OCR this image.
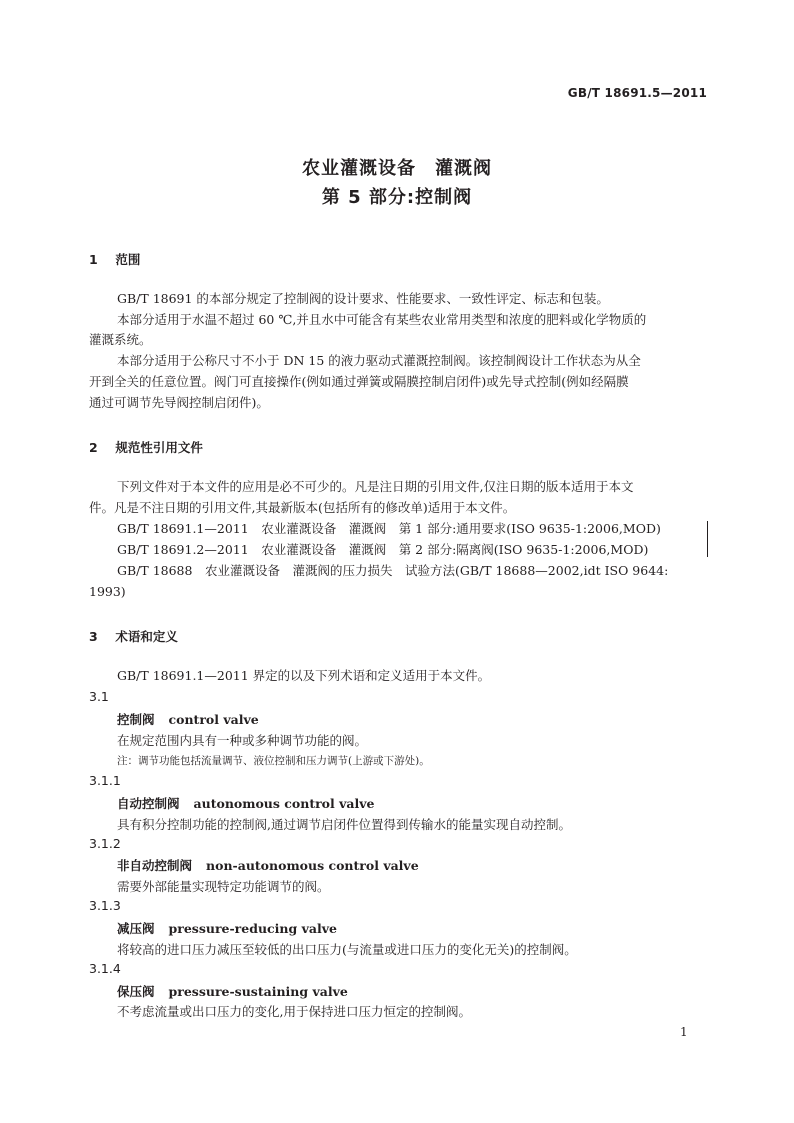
GB/T 18691.5—2011
农业灌溉设备　灌溉阀
第 5 部分:控制阀
1 范围
GB/T 18691 的本部分规定了控制阀的设计要求、性能要求、一致性评定、标志和包装。
本部分适用于水温不超过 60 ℃,并且水中可能含有某些农业常用类型和浓度的肥料或化学物质的
灌溉系统。
本部分适用于公称尺寸不小于 DN 15 的液力驱动式灌溉控制阀。该控制阀设计工作状态为从全
开到全关的任意位置。阀门可直接操作(例如通过弹簧或隔膜控制启闭件)或先导式控制(例如经隔膜
通过可调节先导阀控制启闭件)。
2 规范性引用文件
下列文件对于本文件的应用是必不可少的。凡是注日期的引用文件,仅注日期的版本适用于本文
件。凡是不注日期的引用文件,其最新版本(包括所有的修改单)适用于本文件。
GB/T 18691.1—2011　农业灌溉设备　灌溉阀　第 1 部分:通用要求(ISO 9635-1:2006,MOD)
GB/T 18691.2—2011　农业灌溉设备　灌溉阀　第 2 部分:隔离阀(ISO 9635-1:2006,MOD)
GB/T 18688　农业灌溉设备　灌溉阀的压力损失　试验方法(GB/T 18688—2002,idt ISO 9644:
1993)
3 术语和定义
GB/T 18691.1—2011 界定的以及下列术语和定义适用于本文件。
3.1
控制阀 control valve
在规定范围内具有一种或多种调节功能的阀。
注：调节功能包括流量调节、液位控制和压力调节(上游或下游处)。
3.1.1
自动控制阀 autonomous control valve
具有积分控制功能的控制阀,通过调节启闭件位置得到传输水的能量实现自动控制。
3.1.2
非自动控制阀 non-autonomous control valve
需要外部能量实现特定功能调节的阀。
3.1.3
减压阀 pressure-reducing valve
将较高的进口压力减压至较低的出口压力(与流量或进口压力的变化无关)的控制阀。
3.1.4
保压阀 pressure-sustaining valve
不考虑流量或出口压力的变化,用于保持进口压力恒定的控制阀。
1
